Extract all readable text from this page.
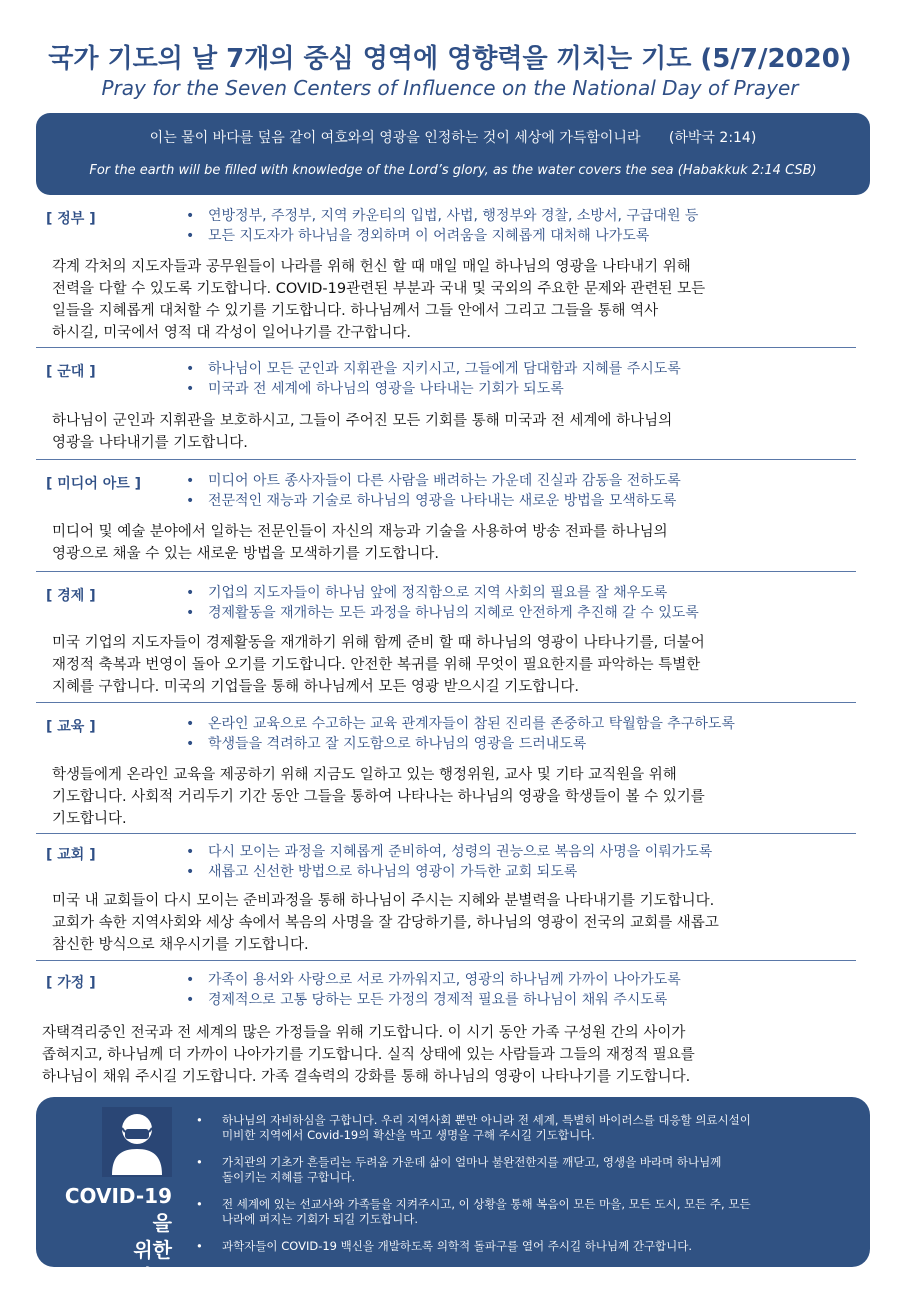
국가 기도의 날 7개의 중심 영역에 영향력을 끼치는 기도 (5/7/2020)

Pray for the Seven Centers of Influence on the National Day of Prayer

이는 물이 바다를 덮음 같이 여호와의 영광을 인정하는 것이 세상에 가득함이니라 (하박국 2:14)
For the earth will be filled with knowledge of the Lord’s glory, as the water covers the sea (Habakkuk 2:14 CSB)
[ 정부 ]	• 연방정부, 주정부, 지역 카운티의 입법, 사법, 행정부와 경찰, 소방서, 구급대원 등
• 모든 지도자가 하나님을 경외하며 이 어려움을 지혜롭게 대처해 나가도록
각계 각처의 지도자들과 공무원들이 나라를 위해 헌신 할 때 매일 매일 하나님의 영광을 나타내기 위해
전력을 다할 수 있도록 기도합니다. COVID-19관련된 부분과 국내 및 국외의 주요한 문제와 관련된 모든
일들을 지혜롭게 대처할 수 있기를 기도합니다. 하나님께서 그들 안에서 그리고 그들을 통해 역사
하시길, 미국에서 영적 대 각성이 일어나기를 간구합니다.
[ 군대 ]	• 하나님이 모든 군인과 지휘관을 지키시고, 그들에게 담대함과 지혜를 주시도록
• 미국과 전 세계에 하나님의 영광을 나타내는 기회가 되도록
하나님이 군인과 지휘관을 보호하시고, 그들이 주어진 모든 기회를 통해 미국과 전 세계에 하나님의
영광을 나타내기를 기도합니다.
[ 미디어 아트 ]	• 미디어 아트 종사자들이 다른 사람을 배려하는 가운데 진실과 감동을 전하도록
• 전문적인 재능과 기술로 하나님의 영광을 나타내는 새로운 방법을 모색하도록
미디어 및 예술 분야에서 일하는 전문인들이 자신의 재능과 기술을 사용하여 방송 전파를 하나님의
영광으로 채울 수 있는 새로운 방법을 모색하기를 기도합니다.
[ 경제 ]	• 기업의 지도자들이 하나님 앞에 정직함으로 지역 사회의 필요를 잘 채우도록
• 경제활동을 재개하는 모든 과정을 하나님의 지혜로 안전하게 추진해 갈 수 있도록
미국 기업의 지도자들이 경제활동을 재개하기 위해 함께 준비 할 때 하나님의 영광이 나타나기를, 더불어
재정적 축복과 번영이 돌아 오기를 기도합니다. 안전한 복귀를 위해 무엇이 필요한지를 파악하는 특별한
지혜를 구합니다. 미국의 기업들을 통해 하나님께서 모든 영광 받으시길 기도합니다.
[ 교육 ]	• 온라인 교육으로 수고하는 교육 관계자들이 참된 진리를 존중하고 탁월함을 추구하도록
• 학생들을 격려하고 잘 지도함으로 하나님의 영광을 드러내도록
학생들에게 온라인 교육을 제공하기 위해 지금도 일하고 있는 행정위원, 교사 및 기타 교직원을 위해
기도합니다. 사회적 거리두기 기간 동안 그들을 통하여 나타나는 하나님의 영광을 학생들이 볼 수 있기를
기도합니다.
[ 교회 ]	• 다시 모이는 과정을 지혜롭게 준비하여, 성령의 권능으로 복음의 사명을 이뤄가도록
• 새롭고 신선한 방법으로 하나님의 영광이 가득한 교회 되도록
미국 내 교회들이 다시 모이는 준비과정을 통해 하나님이 주시는 지혜와 분별력을 나타내기를 기도합니다.
교회가 속한 지역사회와 세상 속에서 복음의 사명을 잘 감당하기를, 하나님의 영광이 전국의 교회를 새롭고
참신한 방식으로 채우시기를 기도합니다.
[ 가정 ]	• 가족이 용서와 사랑으로 서로 가까워지고, 영광의 하나님께 가까이 나아가도록
• 경제적으로 고통 당하는 모든 가정의 경제적 필요를 하나님이 채워 주시도록
자택격리중인 전국과 전 세계의 많은 가정들을 위해 기도합니다. 이 시기 동안 가족 구성원 간의 사이가
좁혀지고, 하나님께 더 가까이 나아가기를 기도합니다. 실직 상태에 있는 사람들과 그들의 재정적 필요를
하나님이 채워 주시길 기도합니다. 가족 결속력의 강화를 통해 하나님의 영광이 나타나기를 기도합니다.
COVID-19을
위한
기도
• 하나님의 자비하심을 구합니다. 우리 지역사회 뿐만 아니라 전 세계, 특별히 바이러스를 대응할 의료시설이
미비한 지역에서 Covid-19의 확산을 막고 생명을 구해 주시길 기도합니다.
• 가치관의 기초가 흔들리는 두려움 가운데 삶이 얼마나 불완전한지를 깨닫고, 영생을 바라며 하나님께
돌이키는 지혜를 구합니다.
• 전 세계에 있는 선교사와 가족들을 지켜주시고, 이 상황을 통해 복음이 모든 마을, 모든 도시, 모든 주, 모든
나라에 퍼지는 기회가 되길 기도합니다.
• 과학자들이 COVID-19 백신을 개발하도록 의학적 돌파구를 열어 주시길 하나님께 간구합니다.
